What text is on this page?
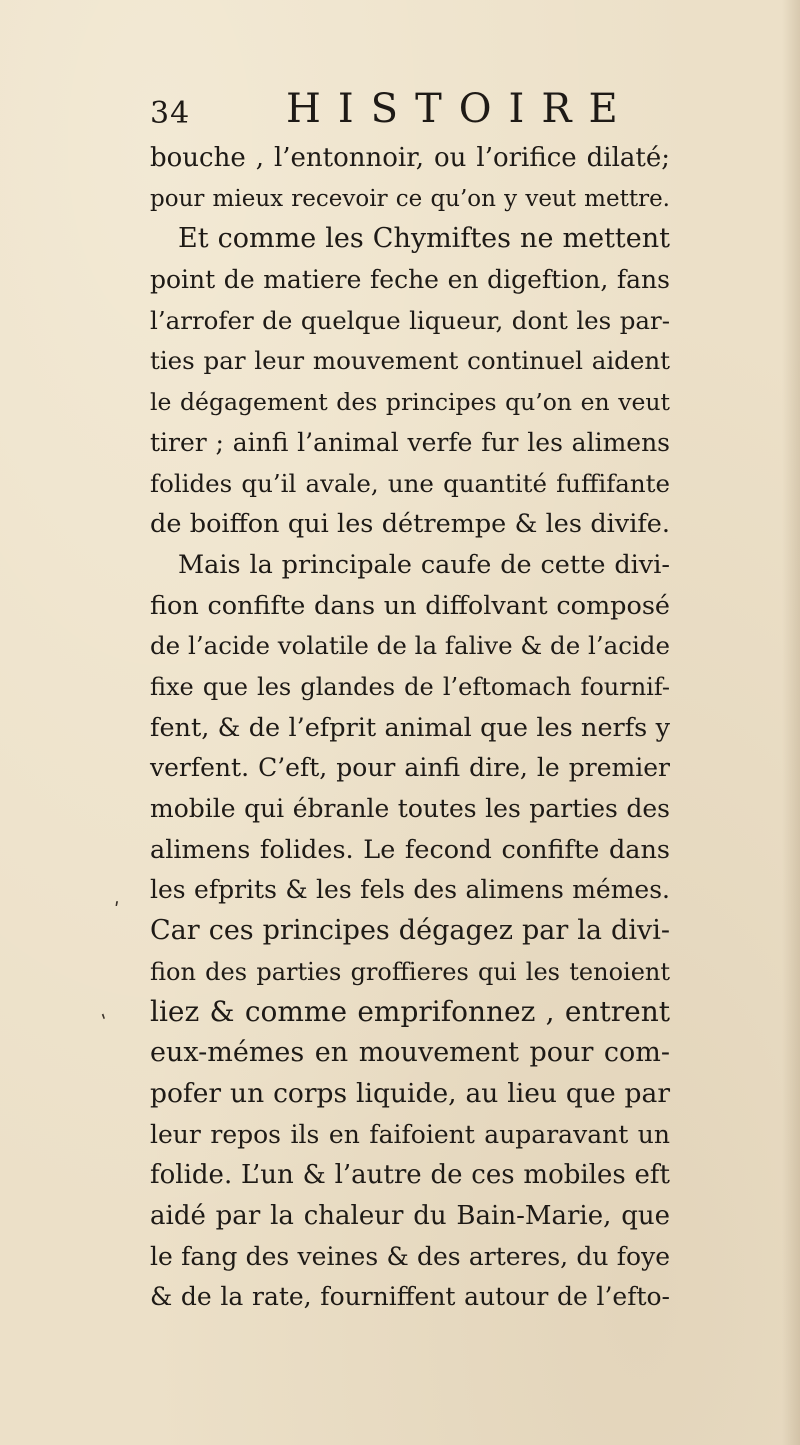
34 HISTOIRE
bouche , l’entonnoir, ou l’orifice dilaté;
pour mieux recevoir ce qu’on y veut mettre.
Et comme les Chymiftes ne mettent
point de matiere feche en digeftion, fans
l’arrofer de quelque liqueur, dont les par-
ties par leur mouvement continuel aident
le dégagement des principes qu’on en veut
tirer ; ainfi l’animal verfe fur les alimens
folides qu’il avale, une quantité fuffifante
de boiffon qui les détrempe & les divife.
Mais la principale caufe de cette divi-
fion confifte dans un diffolvant composé
de l’acide volatile de la falive & de l’acide
fixe que les glandes de l’eftomach fournif-
fent, & de l’efprit animal que les nerfs y
verfent. C’eft, pour ainfi dire, le premier
mobile qui ébranle toutes les parties des
alimens folides. Le fecond confifte dans
les efprits & les fels des alimens mémes.
Car ces principes dégagez par la divi-
fion des parties groffieres qui les tenoient
liez & comme emprifonnez , entrent
eux-mémes en mouvement pour com-
pofer un corps liquide, au lieu que par
leur repos ils en faifoient auparavant un
folide. L’un & l’autre de ces mobiles eft
aidé par la chaleur du Bain-Marie, que
le fang des veines & des arteres, du foye
& de la rate, fourniffent autour de l’efto-
ʹ
ʹ
